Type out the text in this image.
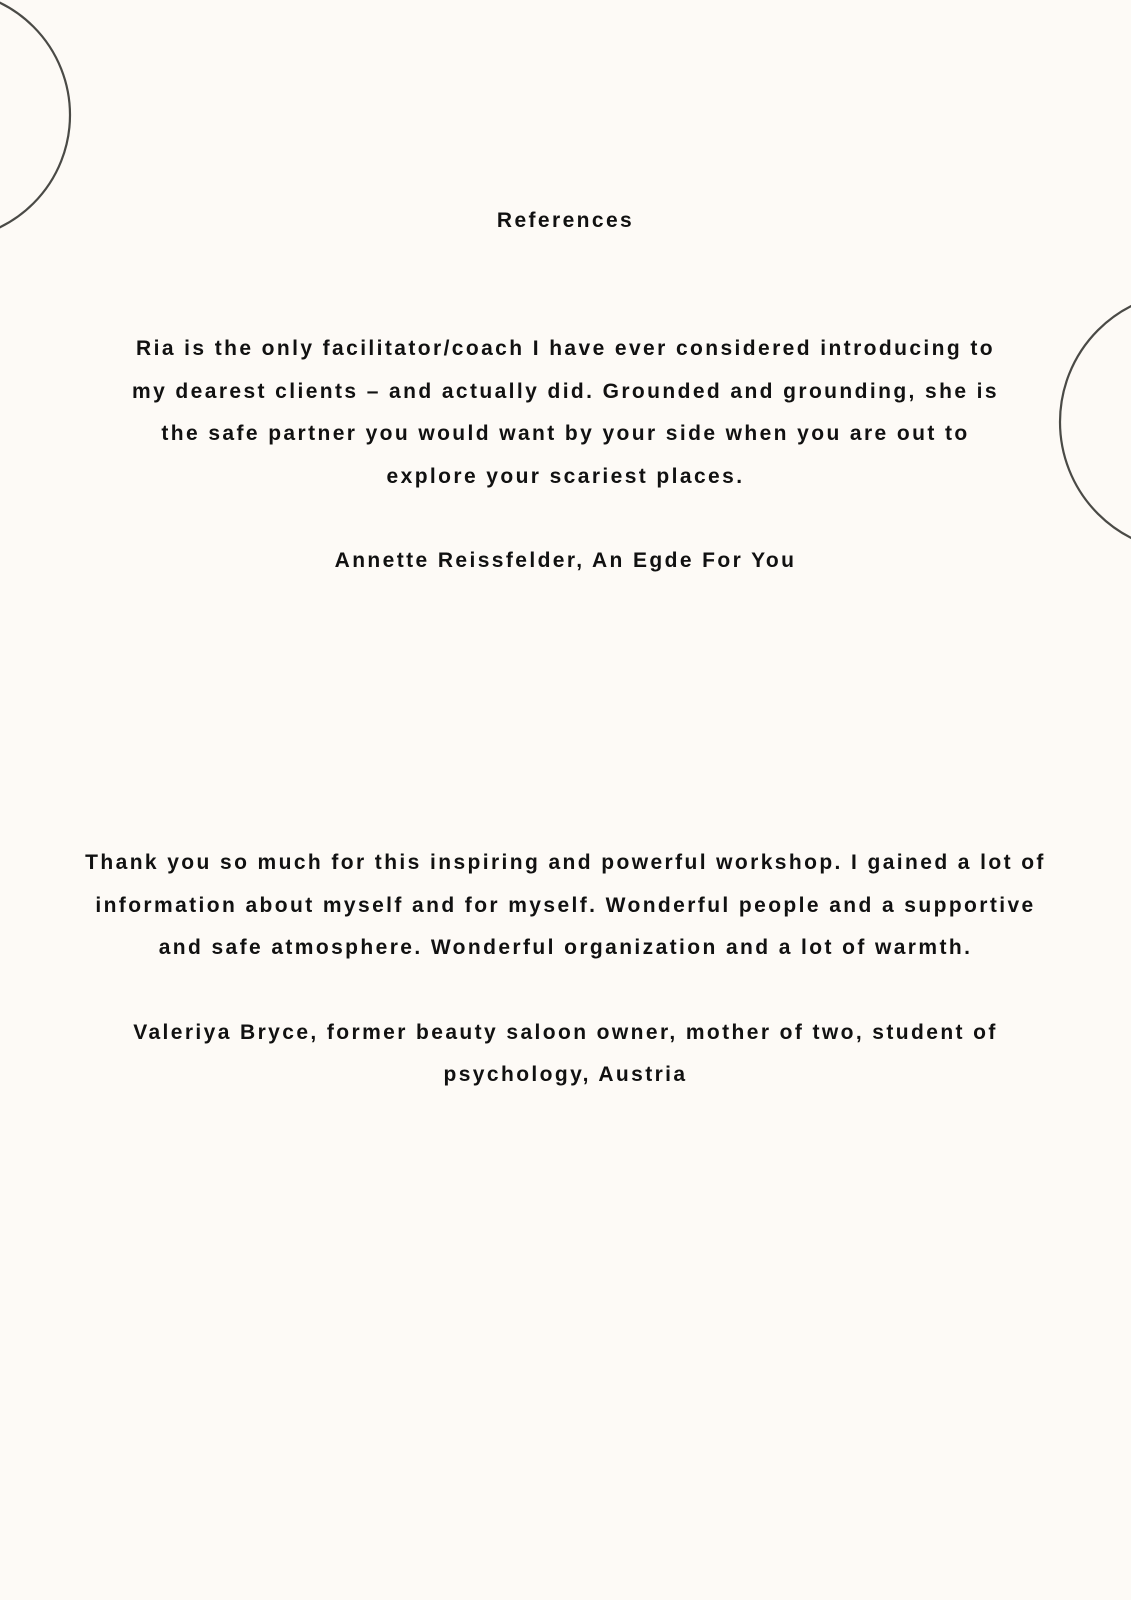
References
Ria is the only facilitator/coach I have ever considered introducing to my dearest clients – and actually did. Grounded and grounding, she is the safe partner you would want by your side when you are out to explore your scariest places.
Annette Reissfelder, An Egde For You
Thank you so much for this inspiring and powerful workshop. I gained a lot of information about myself and for myself. Wonderful people and a supportive and safe atmosphere. Wonderful organization and a lot of warmth.
Valeriya Bryce, former beauty saloon owner, mother of two, student of psychology, Austria
